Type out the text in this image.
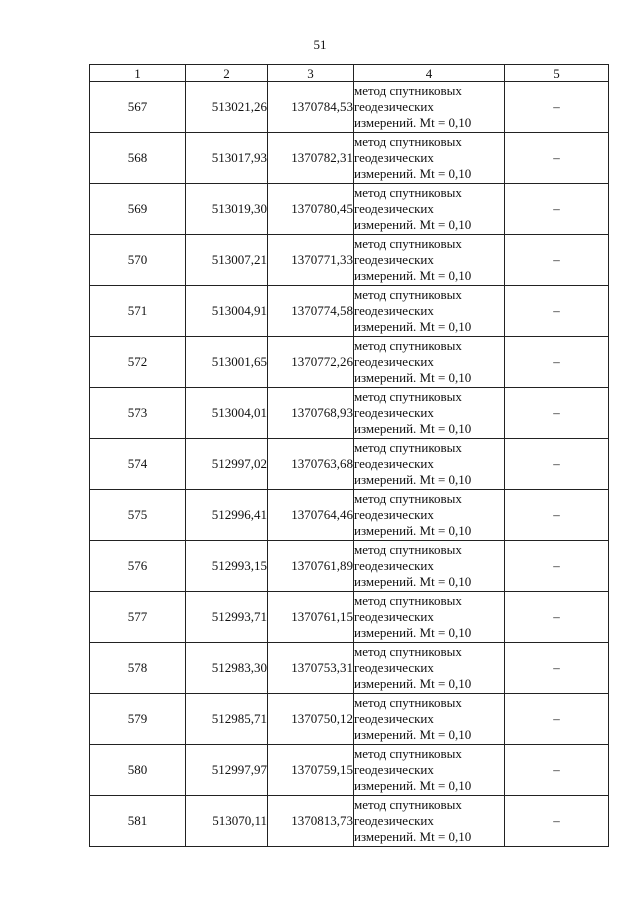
51
1	2	3	4	5
567	513021,26	1370784,53	метод спутниковых
геодезических
измерений. Mt = 0,10	–
568	513017,93	1370782,31	метод спутниковых
геодезических
измерений. Mt = 0,10	–
569	513019,30	1370780,45	метод спутниковых
геодезических
измерений. Mt = 0,10	–
570	513007,21	1370771,33	метод спутниковых
геодезических
измерений. Mt = 0,10	–
571	513004,91	1370774,58	метод спутниковых
геодезических
измерений. Mt = 0,10	–
572	513001,65	1370772,26	метод спутниковых
геодезических
измерений. Mt = 0,10	–
573	513004,01	1370768,93	метод спутниковых
геодезических
измерений. Mt = 0,10	–
574	512997,02	1370763,68	метод спутниковых
геодезических
измерений. Mt = 0,10	–
575	512996,41	1370764,46	метод спутниковых
геодезических
измерений. Mt = 0,10	–
576	512993,15	1370761,89	метод спутниковых
геодезических
измерений. Mt = 0,10	–
577	512993,71	1370761,15	метод спутниковых
геодезических
измерений. Mt = 0,10	–
578	512983,30	1370753,31	метод спутниковых
геодезических
измерений. Mt = 0,10	–
579	512985,71	1370750,12	метод спутниковых
геодезических
измерений. Mt = 0,10	–
580	512997,97	1370759,15	метод спутниковых
геодезических
измерений. Mt = 0,10	–
581	513070,11	1370813,73	метод спутниковых
геодезических
измерений. Mt = 0,10	–
